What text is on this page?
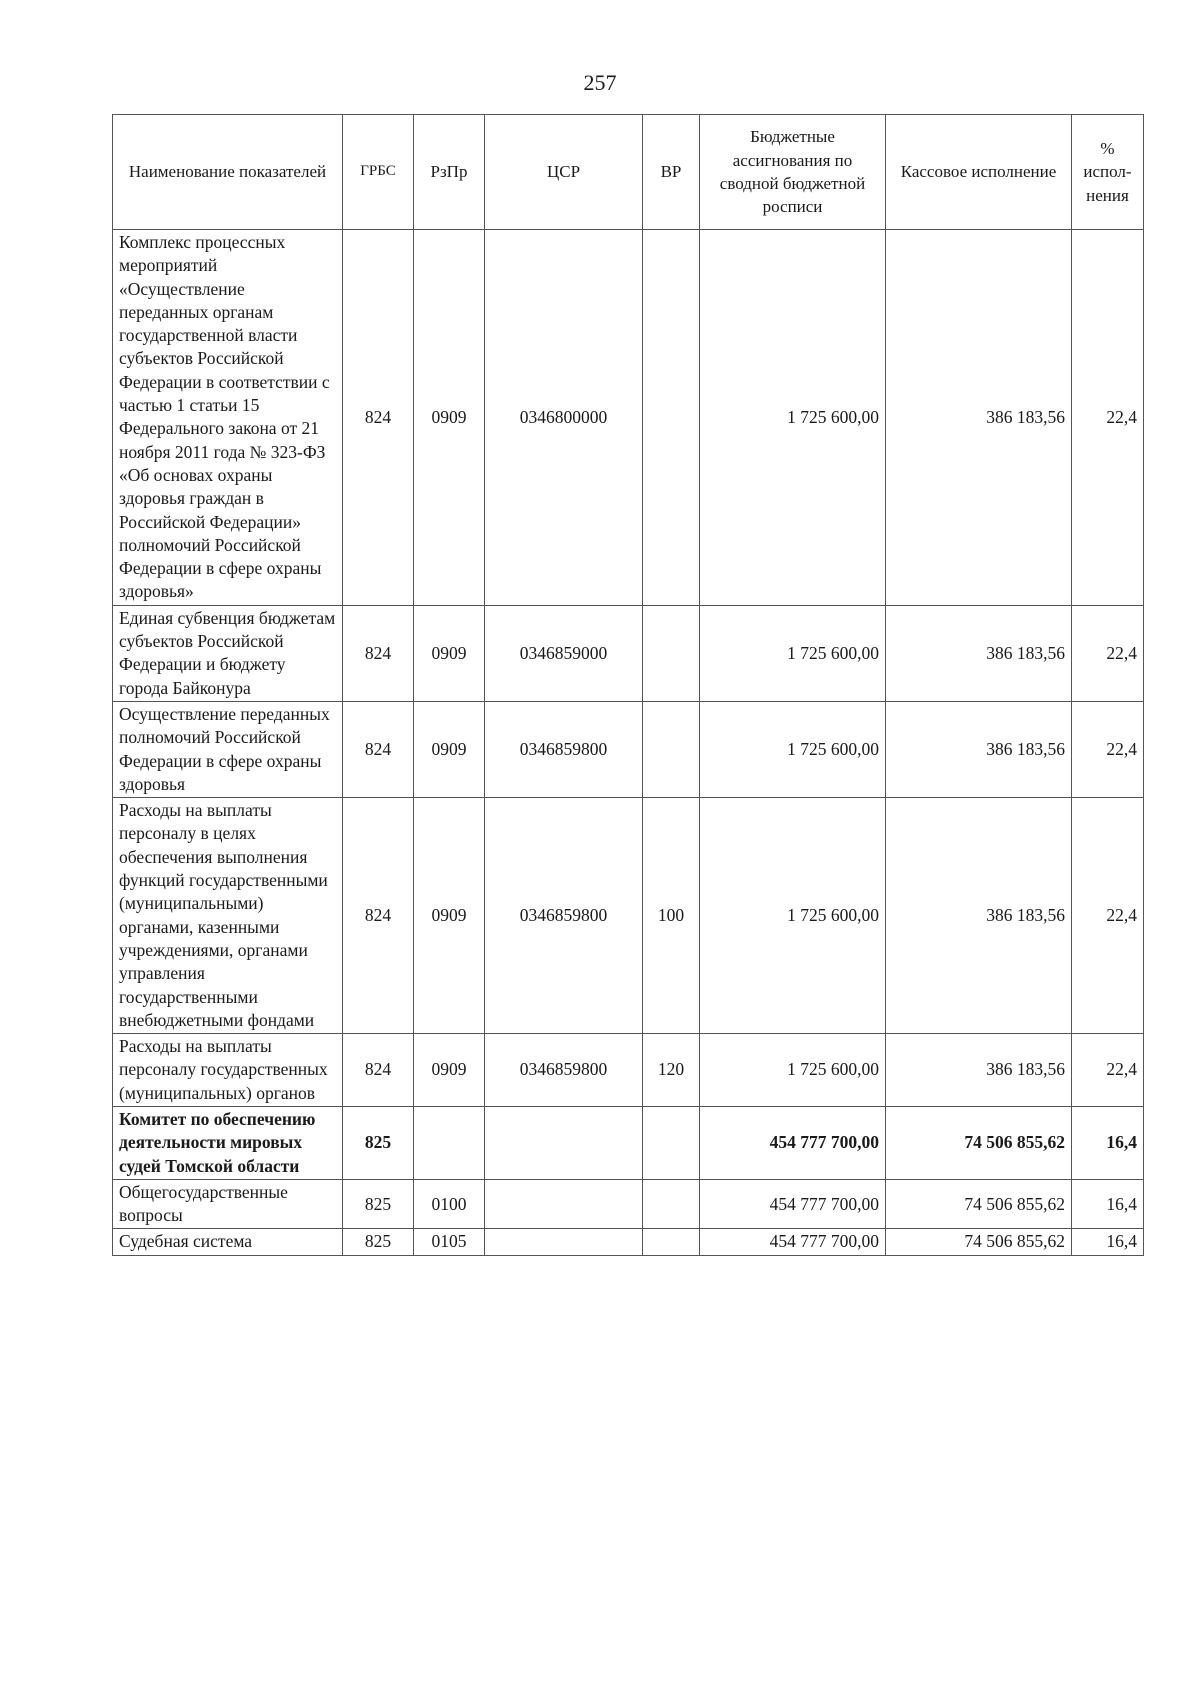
257
Наименование показателей	ГРБС	РзПр	ЦСР	ВР	Бюджетные ассигнования по сводной бюджетной росписи	Кассовое исполнение	% испол- нения
Комплекс процессных мероприятий «Осуществление переданных органам государственной власти субъектов Российской Федерации в соответствии с частью 1 статьи 15 Федерального закона от 21 ноября 2011 года № 323-ФЗ «Об основах охраны здоровья граждан в Российской Федерации» полномочий Российской Федерации в сфере охраны здоровья»	824	0909	0346800000		1 725 600,00	386 183,56	22,4
Единая субвенция бюджетам субъектов Российской Федерации и бюджету города Байконура	824	0909	0346859000		1 725 600,00	386 183,56	22,4
Осуществление переданных полномочий Российской Федерации в сфере охраны здоровья	824	0909	0346859800		1 725 600,00	386 183,56	22,4
Расходы на выплаты персоналу в целях обеспечения выполнения функций государственными (муниципальными) органами, казенными учреждениями, органами управления государственными внебюджетными фондами	824	0909	0346859800	100	1 725 600,00	386 183,56	22,4
Расходы на выплаты персоналу государственных (муниципальных) органов	824	0909	0346859800	120	1 725 600,00	386 183,56	22,4
Комитет по обеспечению деятельности мировых судей Томской области	825				454 777 700,00	74 506 855,62	16,4
Общегосударственные вопросы	825	0100			454 777 700,00	74 506 855,62	16,4
Судебная система	825	0105			454 777 700,00	74 506 855,62	16,4
